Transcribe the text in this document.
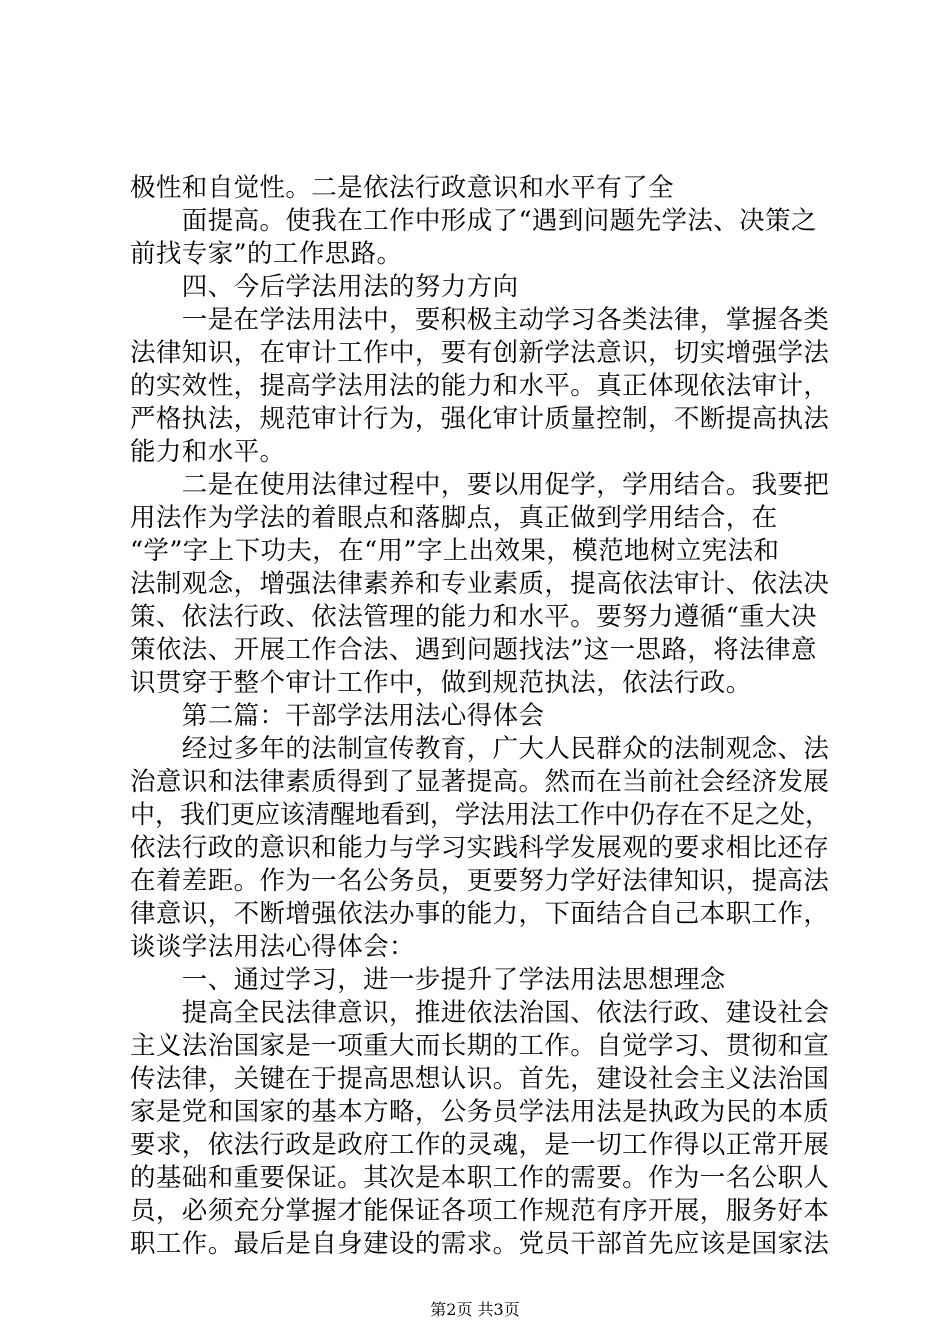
极性和自觉性。二是依法行政意识和水平有了全
　　面提高。使我在工作中形成了“遇到问题先学法、决策之
前找专家”的工作思路。
　　四、今后学法用法的努力方向
　　一是在学法用法中，要积极主动学习各类法律，掌握各类
法律知识，在审计工作中，要有创新学法意识，切实增强学法
的实效性，提高学法用法的能力和水平。真正体现依法审计，
严格执法，规范审计行为，强化审计质量控制，不断提高执法
能力和水平。
　　二是在使用法律过程中，要以用促学，学用结合。我要把
用法作为学法的着眼点和落脚点，真正做到学用结合，在
“学”字上下功夫，在“用”字上出效果，模范地树立宪法和
法制观念，增强法律素养和专业素质，提高依法审计、依法决
策、依法行政、依法管理的能力和水平。要努力遵循“重大决
策依法、开展工作合法、遇到问题找法”这一思路，将法律意
识贯穿于整个审计工作中，做到规范执法，依法行政。
　　第二篇：干部学法用法心得体会
　　经过多年的法制宣传教育，广大人民群众的法制观念、法
治意识和法律素质得到了显著提高。然而在当前社会经济发展
中，我们更应该清醒地看到，学法用法工作中仍存在不足之处，
依法行政的意识和能力与学习实践科学发展观的要求相比还存
在着差距。作为一名公务员，更要努力学好法律知识，提高法
律意识，不断增强依法办事的能力，下面结合自己本职工作，
谈谈学法用法心得体会：
　　一、通过学习，进一步提升了学法用法思想理念
　　提高全民法律意识，推进依法治国、依法行政、建设社会
主义法治国家是一项重大而长期的工作。自觉学习、贯彻和宣
传法律，关键在于提高思想认识。首先，建设社会主义法治国
家是党和国家的基本方略，公务员学法用法是执政为民的本质
要求，依法行政是政府工作的灵魂，是一切工作得以正常开展
的基础和重要保证。其次是本职工作的需要。作为一名公职人
员，必须充分掌握才能保证各项工作规范有序开展，服务好本
职工作。最后是自身建设的需求。党员干部首先应该是国家法
第2页 共3页
